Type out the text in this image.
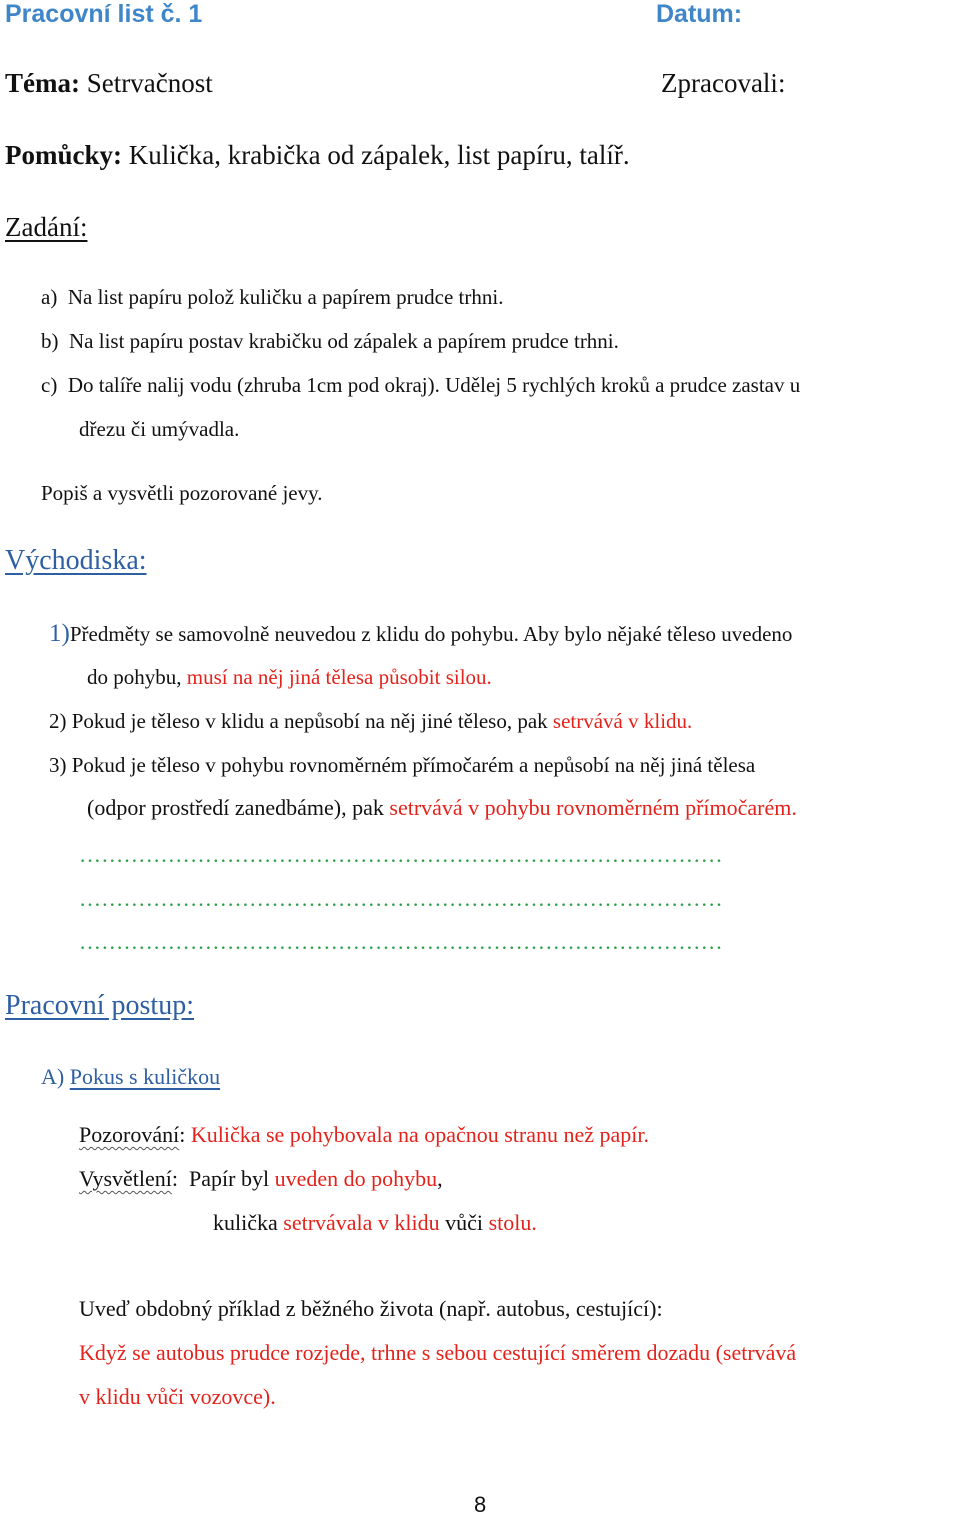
Pracovní list č. 1	Datum:
Téma: Setrvačnost	Zpracovali:
Pomůcky: Kulička, krabička od zápalek, list papíru, talíř.
Zadání:
a) Na list papíru polož kuličku a papírem prudce trhni.
b) Na list papíru postav krabičku od zápalek a papírem prudce trhni.
c) Do talíře nalij vodu (zhruba 1cm pod okraj). Udělej 5 rychlých kroků a prudce zastav u
dřezu či umývadla.
Popiš a vysvětli pozorované jevy.
Východiska:
1)Předměty se samovolně neuvedou z klidu do pohybu. Aby bylo nějaké těleso uvedeno
do pohybu, musí na něj jiná tělesa působit silou.
2) Pokud je těleso v klidu a nepůsobí na něj jiné těleso, pak setrvává v klidu.
3) Pokud je těleso v pohybu rovnoměrném přímočarém a nepůsobí na něj jiná tělesa
(odpor prostředí zanedbáme), pak setrvává v pohybu rovnoměrném přímočarém.
……………………………………………………………………………
……………………………………………………………………………
……………………………………………………………………………
Pracovní postup:
A) Pokus s kuličkou
Pozorování: Kulička se pohybovala na opačnou stranu než papír.
Vysvětlení: Papír byl uveden do pohybu,
kulička setrvávala v klidu vůči stolu.
Uveď obdobný příklad z běžného života (např. autobus, cestující):
Když se autobus prudce rozjede, trhne s sebou cestující směrem dozadu (setrvává
v klidu vůči vozovce).
8
